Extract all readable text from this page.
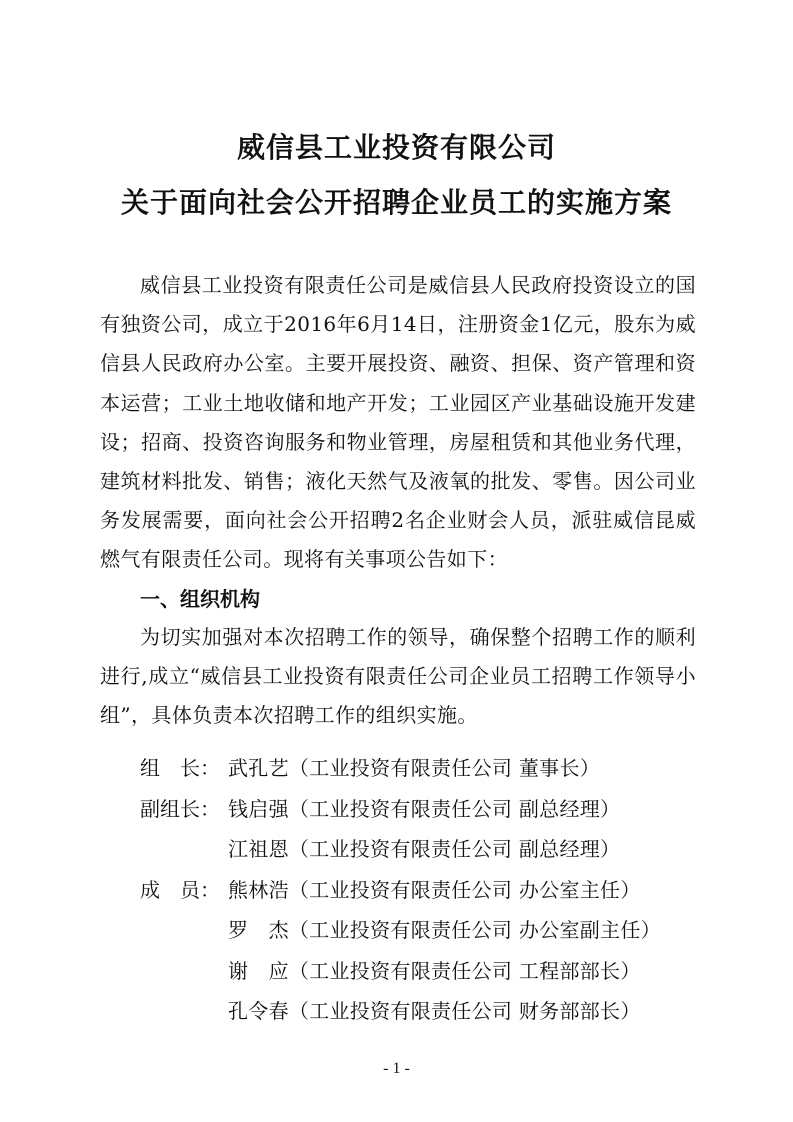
威信县工业投资有限公司
关于面向社会公开招聘企业员工的实施方案

威信县工业投资有限责任公司是威信县人民政府投资设立的国有独资公司，成立于2016年6月14日，注册资金1亿元，股东为威信县人民政府办公室。主要开展投资、融资、担保、资产管理和资本运营；工业土地收储和地产开发；工业园区产业基础设施开发建设；招商、投资咨询服务和物业管理，房屋租赁和其他业务代理，建筑材料批发、销售；液化天然气及液氧的批发、零售。因公司业务发展需要，面向社会公开招聘2名企业财会人员，派驻威信昆威燃气有限责任公司。现将有关事项公告如下：

一、组织机构

为切实加强对本次招聘工作的领导，确保整个招聘工作的顺利进行,成立“威信县工业投资有限责任公司企业员工招聘工作领导小组”，具体负责本次招聘工作的组织实施。

组　长： 武孔艺（工业投资有限责任公司 董事长）
副组长： 钱启强（工业投资有限责任公司 副总经理）
江祖恩（工业投资有限责任公司 副总经理）
成　员： 熊林浩（工业投资有限责任公司 办公室主任）
罗　杰（工业投资有限责任公司 办公室副主任）
谢　应（工业投资有限责任公司 工程部部长）
孔令春（工业投资有限责任公司 财务部部长）
- 1 -
